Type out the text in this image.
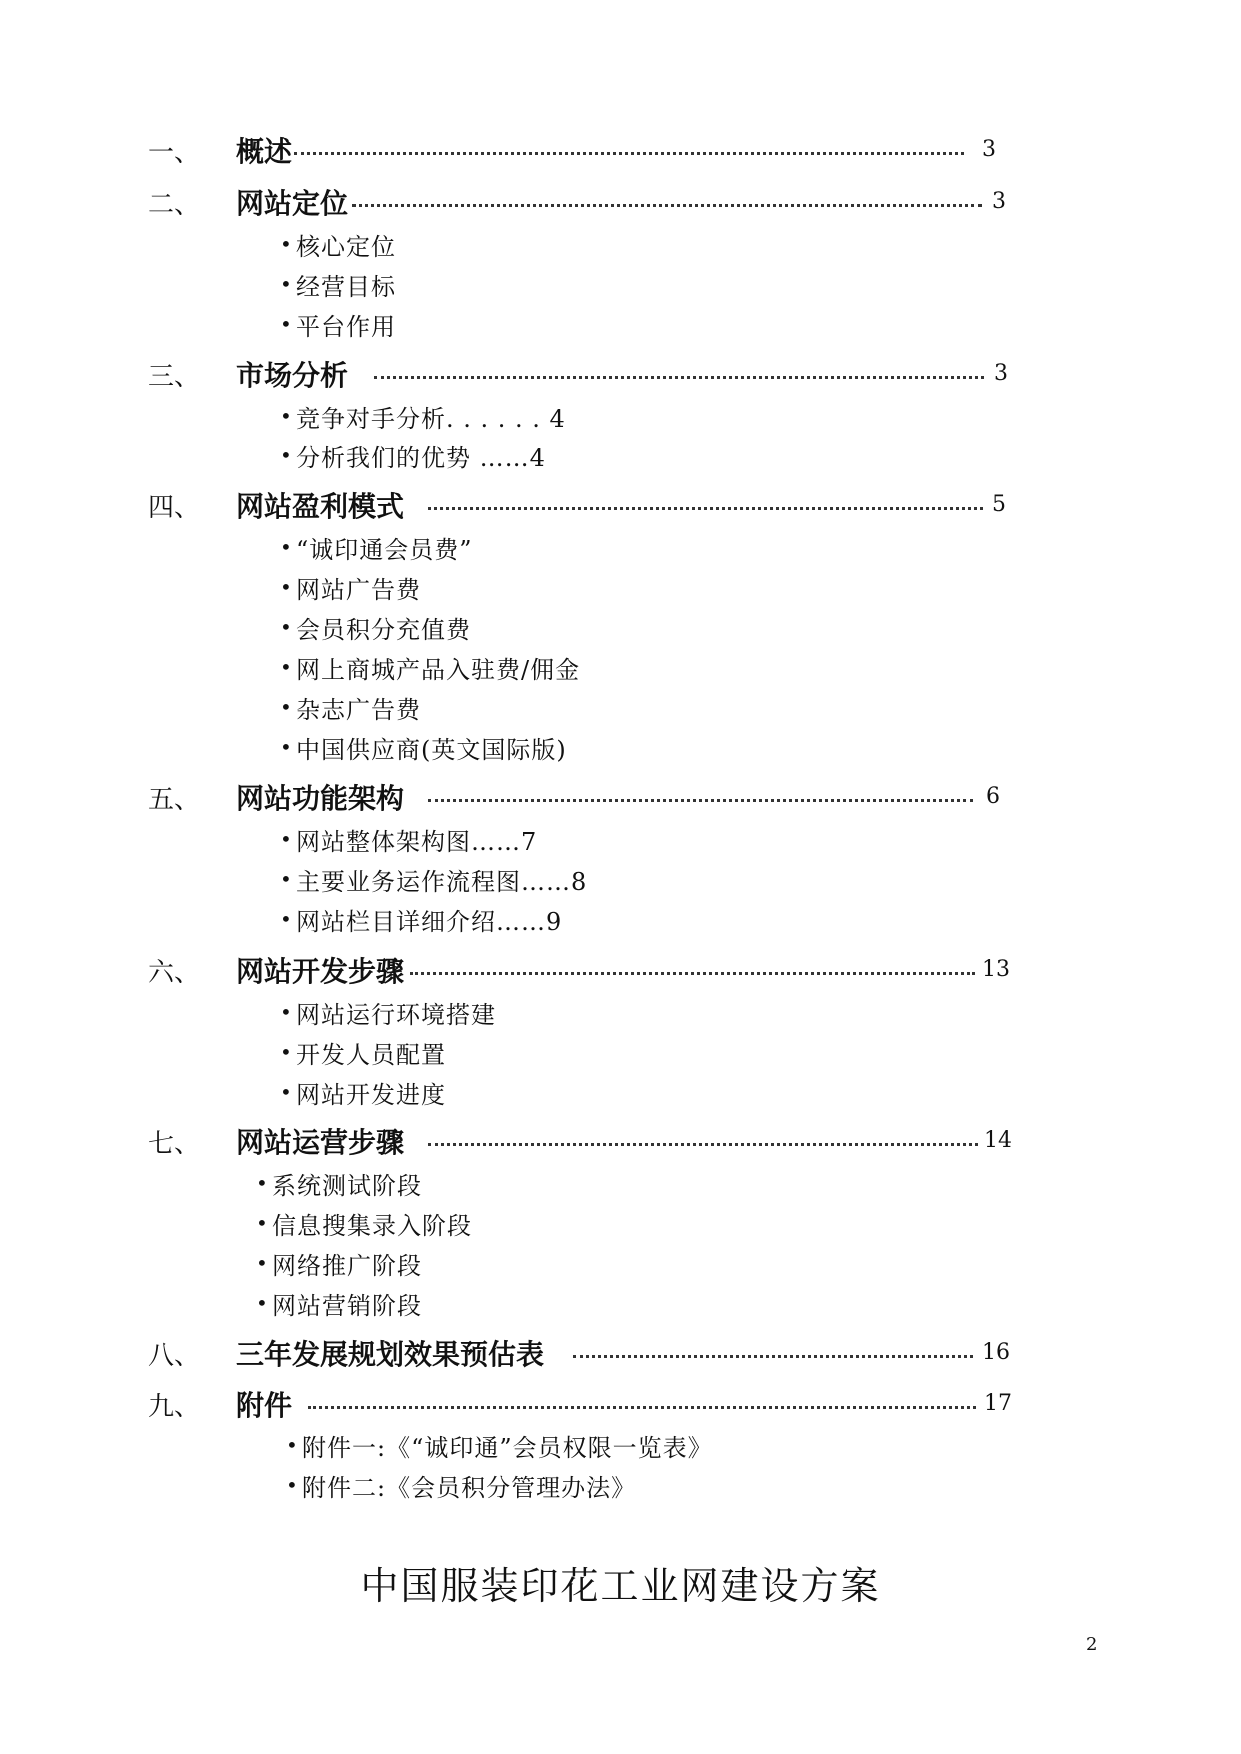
一、	概述	3
二、	网站定位	3
• 核心定位
• 经营目标
• 平台作用
三、	市场分析	3
• 竞争对手分析. . . . . . 4
• 分析我们的优势 ……4
四、	网站盈利模式	5
• “诚印通会员费”
• 网站广告费
• 会员积分充值费
• 网上商城产品入驻费/佣金
• 杂志广告费
• 中国供应商(英文国际版)
五、	网站功能架构	6
• 网站整体架构图……7
• 主要业务运作流程图……8
• 网站栏目详细介绍……9
六、	网站开发步骤	13
• 网站运行环境搭建
• 开发人员配置
• 网站开发进度
七、	网站运营步骤	14
• 系统测试阶段
• 信息搜集录入阶段
• 网络推广阶段
• 网站营销阶段
八、	三年发展规划效果预估表	16
九、	附件	17
• 附件一:《“诚印通”会员权限一览表》
• 附件二:《会员积分管理办法》
中国服装印花工业网建设方案
2
